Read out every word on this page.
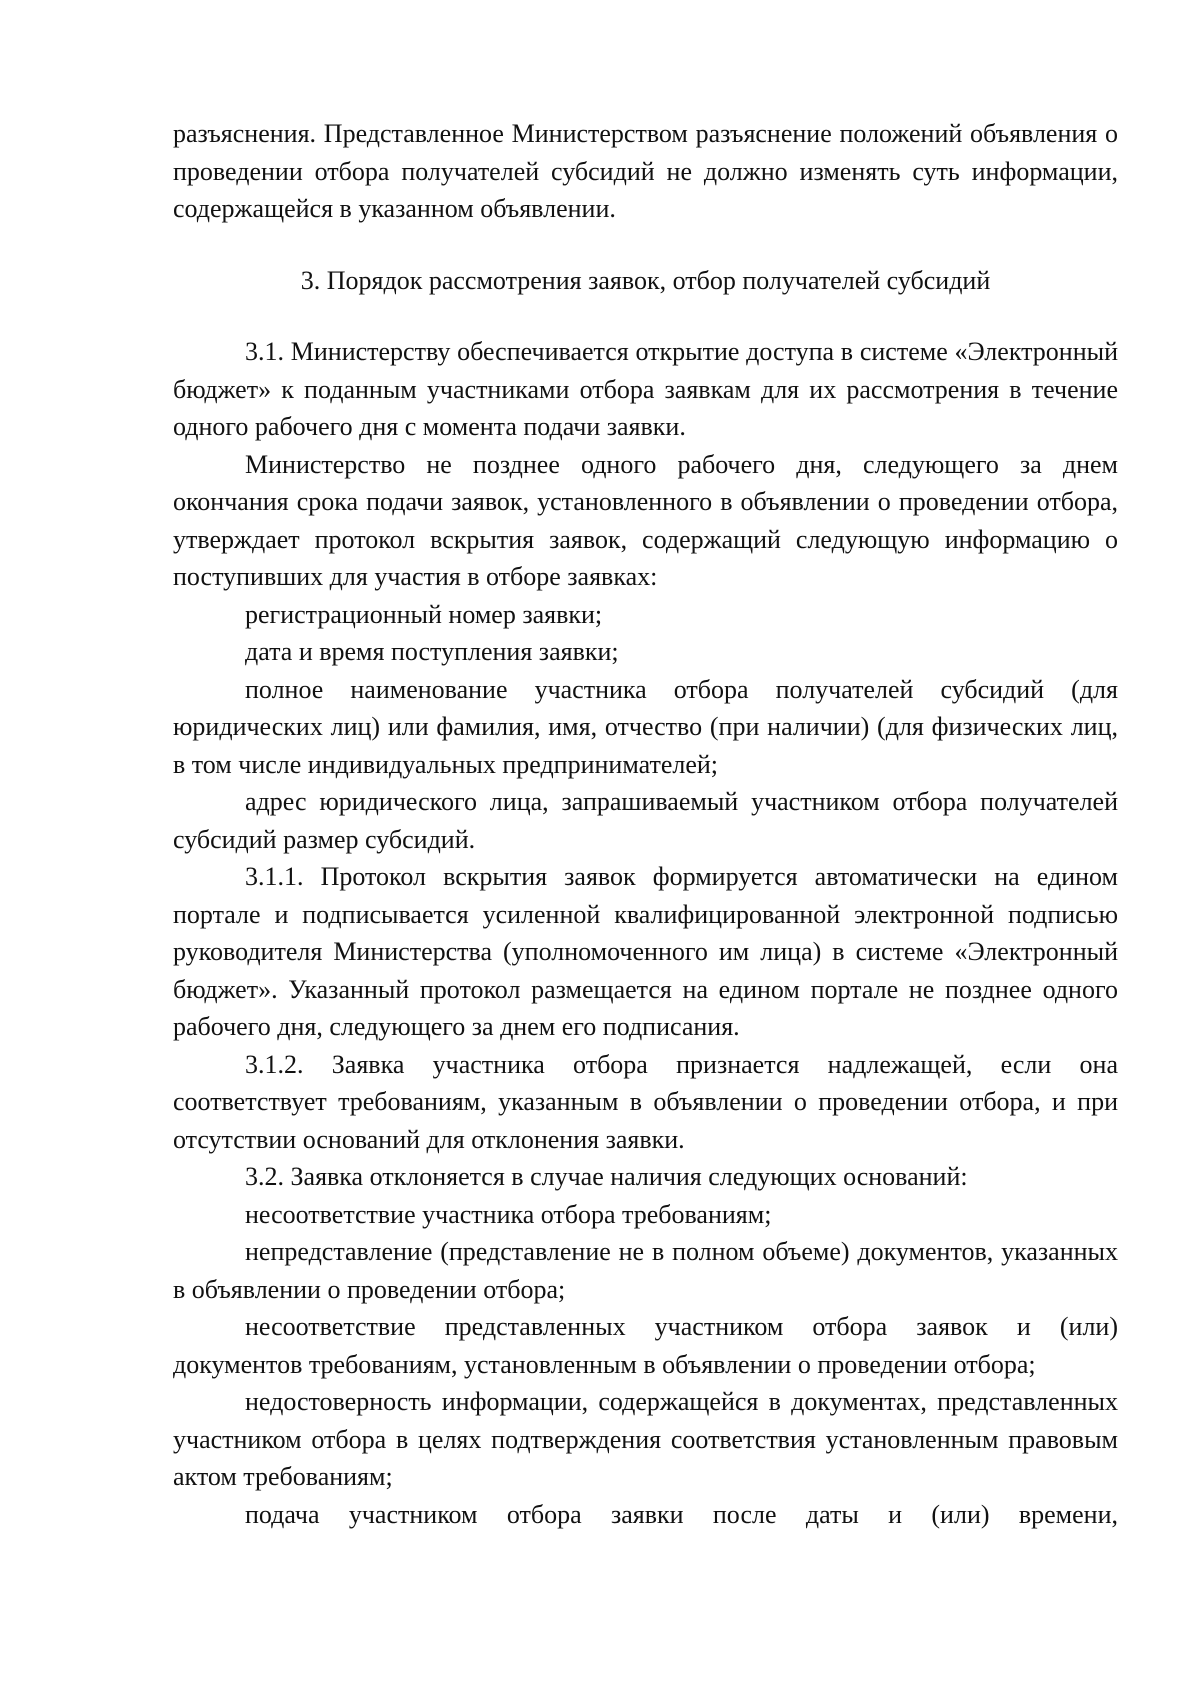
разъяснения. Представленное Министерством разъяснение положений объявления о проведении отбора получателей субсидий не должно изменять суть информации, содержащейся в указанном объявлении.

3. Порядок рассмотрения заявок, отбор получателей субсидий

3.1. Министерству обеспечивается открытие доступа в системе «Электронный бюджет» к поданным участниками отбора заявкам для их рассмотрения в течение одного рабочего дня с момента подачи заявки.

Министерство не позднее одного рабочего дня, следующего за днем окончания срока подачи заявок, установленного в объявлении о проведении отбора, утверждает протокол вскрытия заявок, содержащий следующую информацию о поступивших для участия в отборе заявках:

регистрационный номер заявки;

дата и время поступления заявки;

полное наименование участника отбора получателей субсидий (для юридических лиц) или фамилия, имя, отчество (при наличии) (для физических лиц, в том числе индивидуальных предпринимателей;

адрес юридического лица, запрашиваемый участником отбора получателей субсидий размер субсидий.

3.1.1. Протокол вскрытия заявок формируется автоматически на едином портале и подписывается усиленной квалифицированной электронной подписью руководителя Министерства (уполномоченного им лица) в системе «Электронный бюджет». Указанный протокол размещается на едином портале не позднее одного рабочего дня, следующего за днем его подписания.

3.1.2. Заявка участника отбора признается надлежащей, если она соответствует требованиям, указанным в объявлении о проведении отбора, и при отсутствии оснований для отклонения заявки.

3.2. Заявка отклоняется в случае наличия следующих оснований:

несоответствие участника отбора требованиям;

непредставление (представление не в полном объеме) документов, указанных в объявлении о проведении отбора;

несоответствие представленных участником отбора заявок и (или) документов требованиям, установленным в объявлении о проведении отбора;

недостоверность информации, содержащейся в документах, представленных участником отбора в целях подтверждения соответствия установленным правовым актом требованиям;

подача участником отбора заявки после даты и (или) времени,
